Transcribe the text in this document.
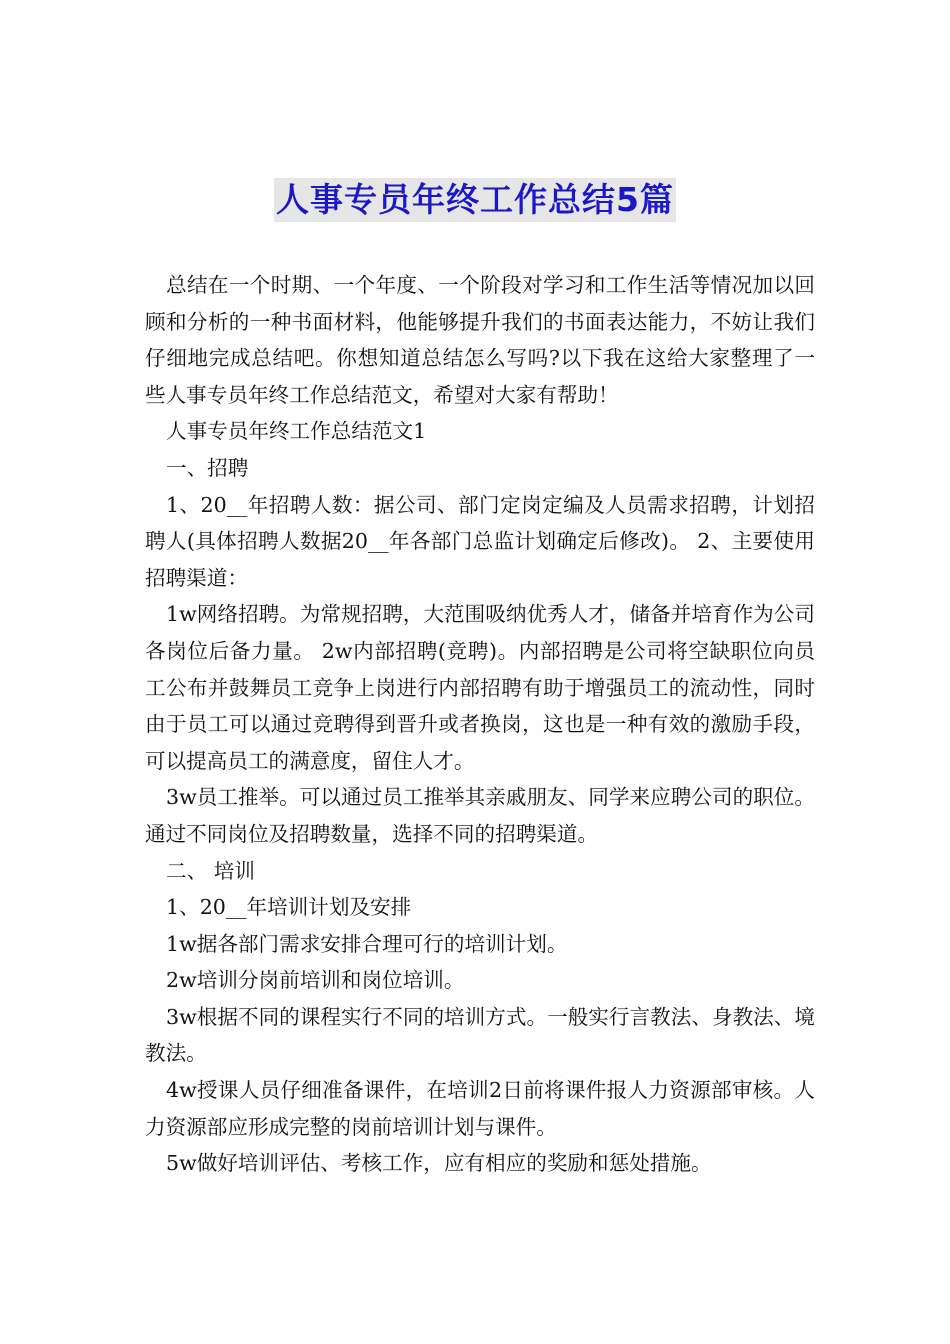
人事专员年终工作总结5篇

总结在一个时期、一个年度、一个阶段对学习和工作生活等情况加以回顾和分析的一种书面材料，他能够提升我们的书面表达能力，不妨让我们仔细地完成总结吧。你想知道总结怎么写吗?以下我在这给大家整理了一些人事专员年终工作总结范文，希望对大家有帮助！

人事专员年终工作总结范文1

一、招聘

1、20__年招聘人数：据公司、部门定岗定编及人员需求招聘，计划招聘人(具体招聘人数据20__年各部门总监计划确定后修改)。 2、主要使用招聘渠道：

1w网络招聘。为常规招聘，大范围吸纳优秀人才，储备并培育作为公司各岗位后备力量。 2w内部招聘(竞聘)。内部招聘是公司将空缺职位向员工公布并鼓舞员工竞争上岗进行内部招聘有助于增强员工的流动性，同时由于员工可以通过竞聘得到晋升或者换岗，这也是一种有效的激励手段，可以提高员工的满意度，留住人才。

3w员工推举。可以通过员工推举其亲戚朋友、同学来应聘公司的职位。 通过不同岗位及招聘数量，选择不同的招聘渠道。

二、 培训

1、20__年培训计划及安排

1w据各部门需求安排合理可行的培训计划。

2w培训分岗前培训和岗位培训。

3w根据不同的课程实行不同的培训方式。一般实行言教法、身教法、境教法。

4w授课人员仔细准备课件，在培训2日前将课件报人力资源部审核。人力资源部应形成完整的岗前培训计划与课件。

5w做好培训评估、考核工作，应有相应的奖励和惩处措施。
